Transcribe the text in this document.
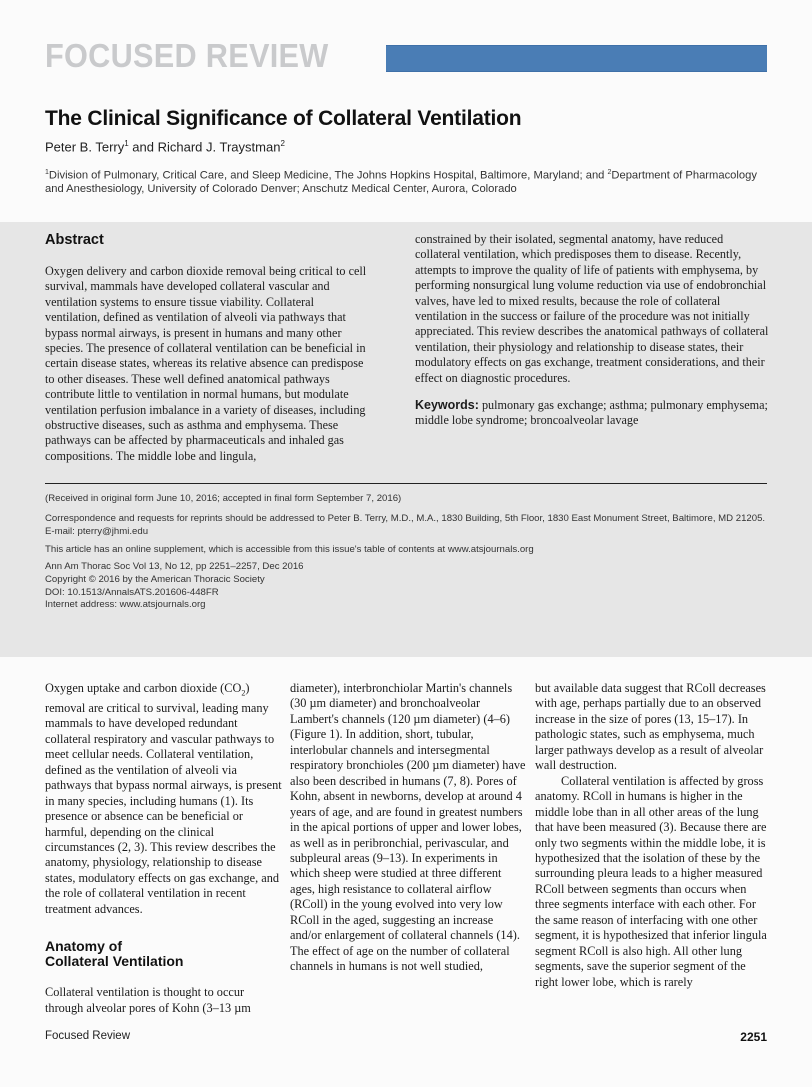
FOCUSED REVIEW
The Clinical Significance of Collateral Ventilation
Peter B. Terry$^1$ and Richard J. Traystman$^2$
$^1$Division of Pulmonary, Critical Care, and Sleep Medicine, The Johns Hopkins Hospital, Baltimore, Maryland; and $^2$Department of Pharmacology and Anesthesiology, University of Colorado Denver; Anschutz Medical Center, Aurora, Colorado
Abstract
Oxygen delivery and carbon dioxide removal being critical to cell survival, mammals have developed collateral vascular and ventilation systems to ensure tissue viability. Collateral ventilation, defined as ventilation of alveoli via pathways that bypass normal airways, is present in humans and many other species. The presence of collateral ventilation can be beneficial in certain disease states, whereas its relative absence can predispose to other diseases. These well defined anatomical pathways contribute little to ventilation in normal humans, but modulate ventilation perfusion imbalance in a variety of diseases, including obstructive diseases, such as asthma and emphysema. These pathways can be affected by pharmaceuticals and inhaled gas compositions. The middle lobe and lingula,
constrained by their isolated, segmental anatomy, have reduced collateral ventilation, which predisposes them to disease. Recently, attempts to improve the quality of life of patients with emphysema, by performing nonsurgical lung volume reduction via use of endobronchial valves, have led to mixed results, because the role of collateral ventilation in the success or failure of the procedure was not initially appreciated. This review describes the anatomical pathways of collateral ventilation, their physiology and relationship to disease states, their modulatory effects on gas exchange, treatment considerations, and their effect on diagnostic procedures.
Keywords: pulmonary gas exchange; asthma; pulmonary emphysema; middle lobe syndrome; broncoalveolar lavage
(Received in original form June 10, 2016; accepted in final form September 7, 2016)
Correspondence and requests for reprints should be addressed to Peter B. Terry, M.D., M.A., 1830 Building, 5th Floor, 1830 East Monument Street, Baltimore, MD 21205. E-mail: pterry@jhmi.edu
This article has an online supplement, which is accessible from this issue's table of contents at www.atsjournals.org
Ann Am Thorac Soc Vol 13, No 12, pp 2251–2257, Dec 2016
Copyright © 2016 by the American Thoracic Society
DOI: 10.1513/AnnalsATS.201606-448FR
Internet address: www.atsjournals.org

Oxygen uptake and carbon dioxide $(CO_2)$ removal are critical to survival, leading many mammals to have developed redundant collateral respiratory and vascular pathways to meet cellular needs. Collateral ventilation, defined as the ventilation of alveoli via pathways that bypass normal airways, is present in many species, including humans (1). Its presence or absence can be beneficial or harmful, depending on the clinical circumstances (2, 3). This review describes the anatomy, physiology, relationship to disease states, modulatory effects on gas exchange, and the role of collateral ventilation in recent treatment advances.

Anatomy of
Collateral Ventilation

Collateral ventilation is thought to occur through alveolar pores of Kohn (3–13 µm

diameter), interbronchiolar Martin's channels (30 µm diameter) and bronchoalveolar Lambert's channels (120 µm diameter) (4–6) (Figure 1). In addition, short, tubular, interlobular channels and intersegmental respiratory bronchioles (200 µm diameter) have also been described in humans (7, 8). Pores of Kohn, absent in newborns, develop at around 4 years of age, and are found in greatest numbers in the apical portions of upper and lower lobes, as well as in peribronchial, perivascular, and subpleural areas (9–13). In experiments in which sheep were studied at three different ages, high resistance to collateral airflow (RColl) in the young evolved into very low RColl in the aged, suggesting an increase and/or enlargement of collateral channels (14). The effect of age on the number of collateral channels in humans is not well studied,

but available data suggest that RColl decreases with age, perhaps partially due to an observed increase in the size of pores (13, 15–17). In pathologic states, such as emphysema, much larger pathways develop as a result of alveolar wall destruction.

Collateral ventilation is affected by gross anatomy. RColl in humans is higher in the middle lobe than in all other areas of the lung that have been measured (3). Because there are only two segments within the middle lobe, it is hypothesized that the isolation of these by the surrounding pleura leads to a higher measured RColl between segments than occurs when three segments interface with each other. For the same reason of interfacing with one other segment, it is hypothesized that inferior lingula segment RColl is also high. All other lung segments, save the superior segment of the right lower lobe, which is rarely

Focused Review	2251
